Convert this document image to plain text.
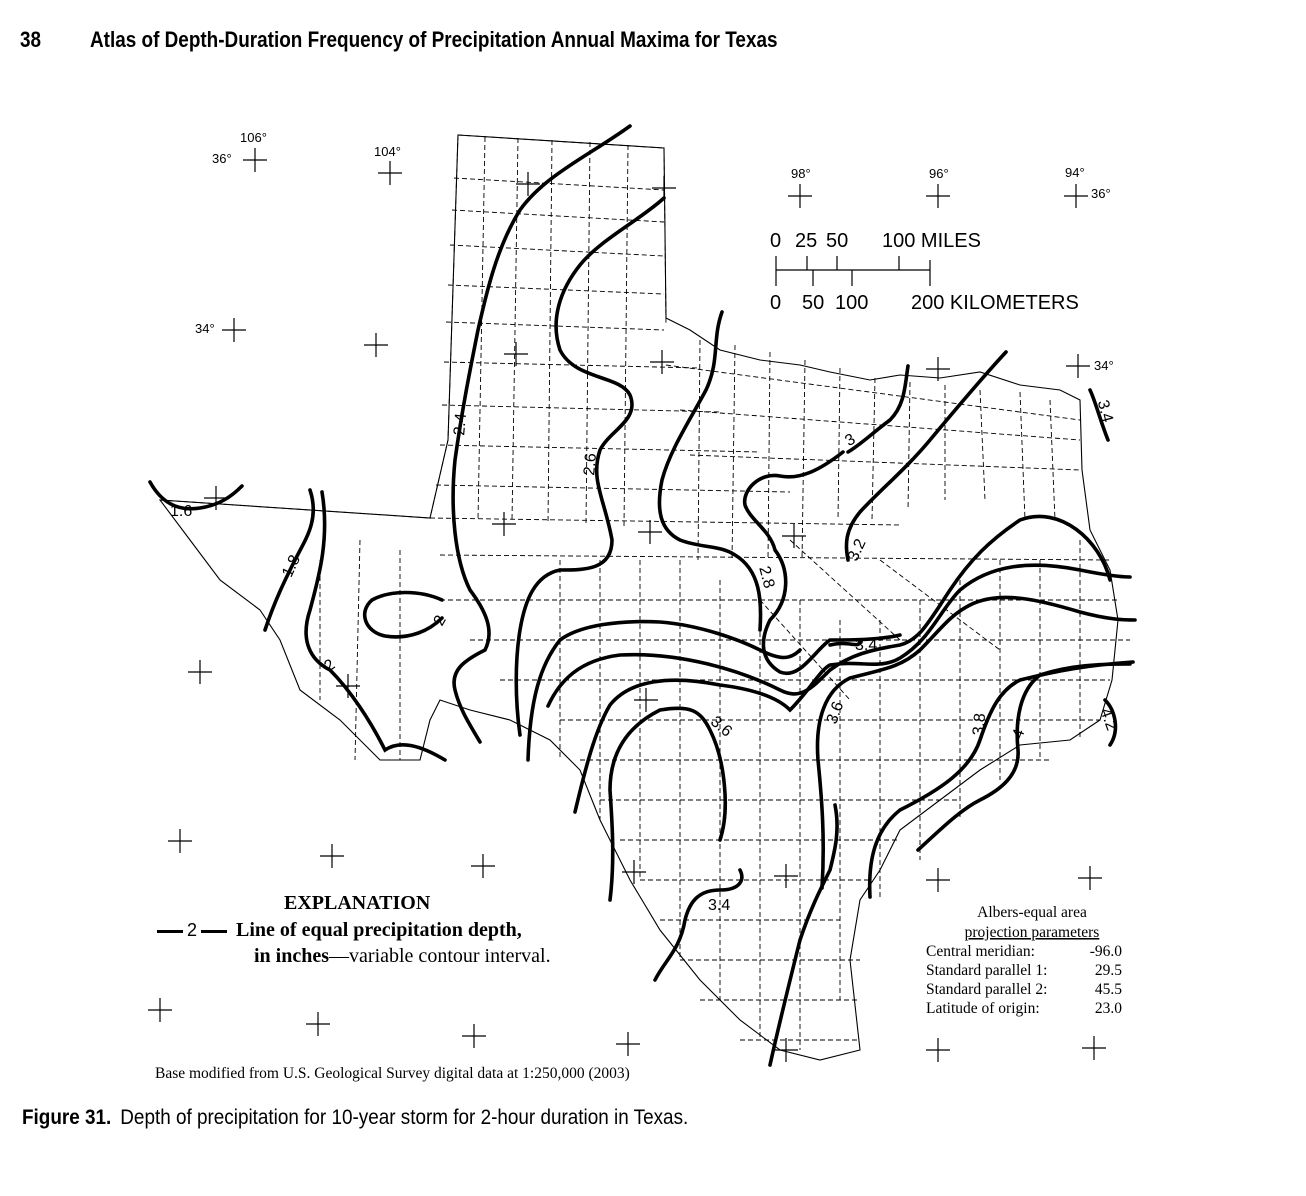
38 Atlas of Depth-Duration Frequency of Precipitation Annual Maxima for Texas
106°
36°	104°
34°
98°	96°	94°
36°
34°
0 25 50 100 MILES
0 50 100 200 KILOMETERS
1.6
1.8
2
2
2.4
2.6
2.8
3
3.2
3.4
3.4
3.4
3.6
3.6	3.8 4
4.2
Albers-equal area
projection parameters
Central meridian:	-96.0
Standard parallel 1:	29.5
Standard parallel 2:	45.5
Latitude of origin:	23.0
EXPLANATION
2 Line of equal precipitation depth,
in inches—variable contour interval.
Base modified from U.S. Geological Survey digital data at 1:250,000 (2003)
Figure 31. Depth of precipitation for 10-year storm for 2-hour duration in Texas.
